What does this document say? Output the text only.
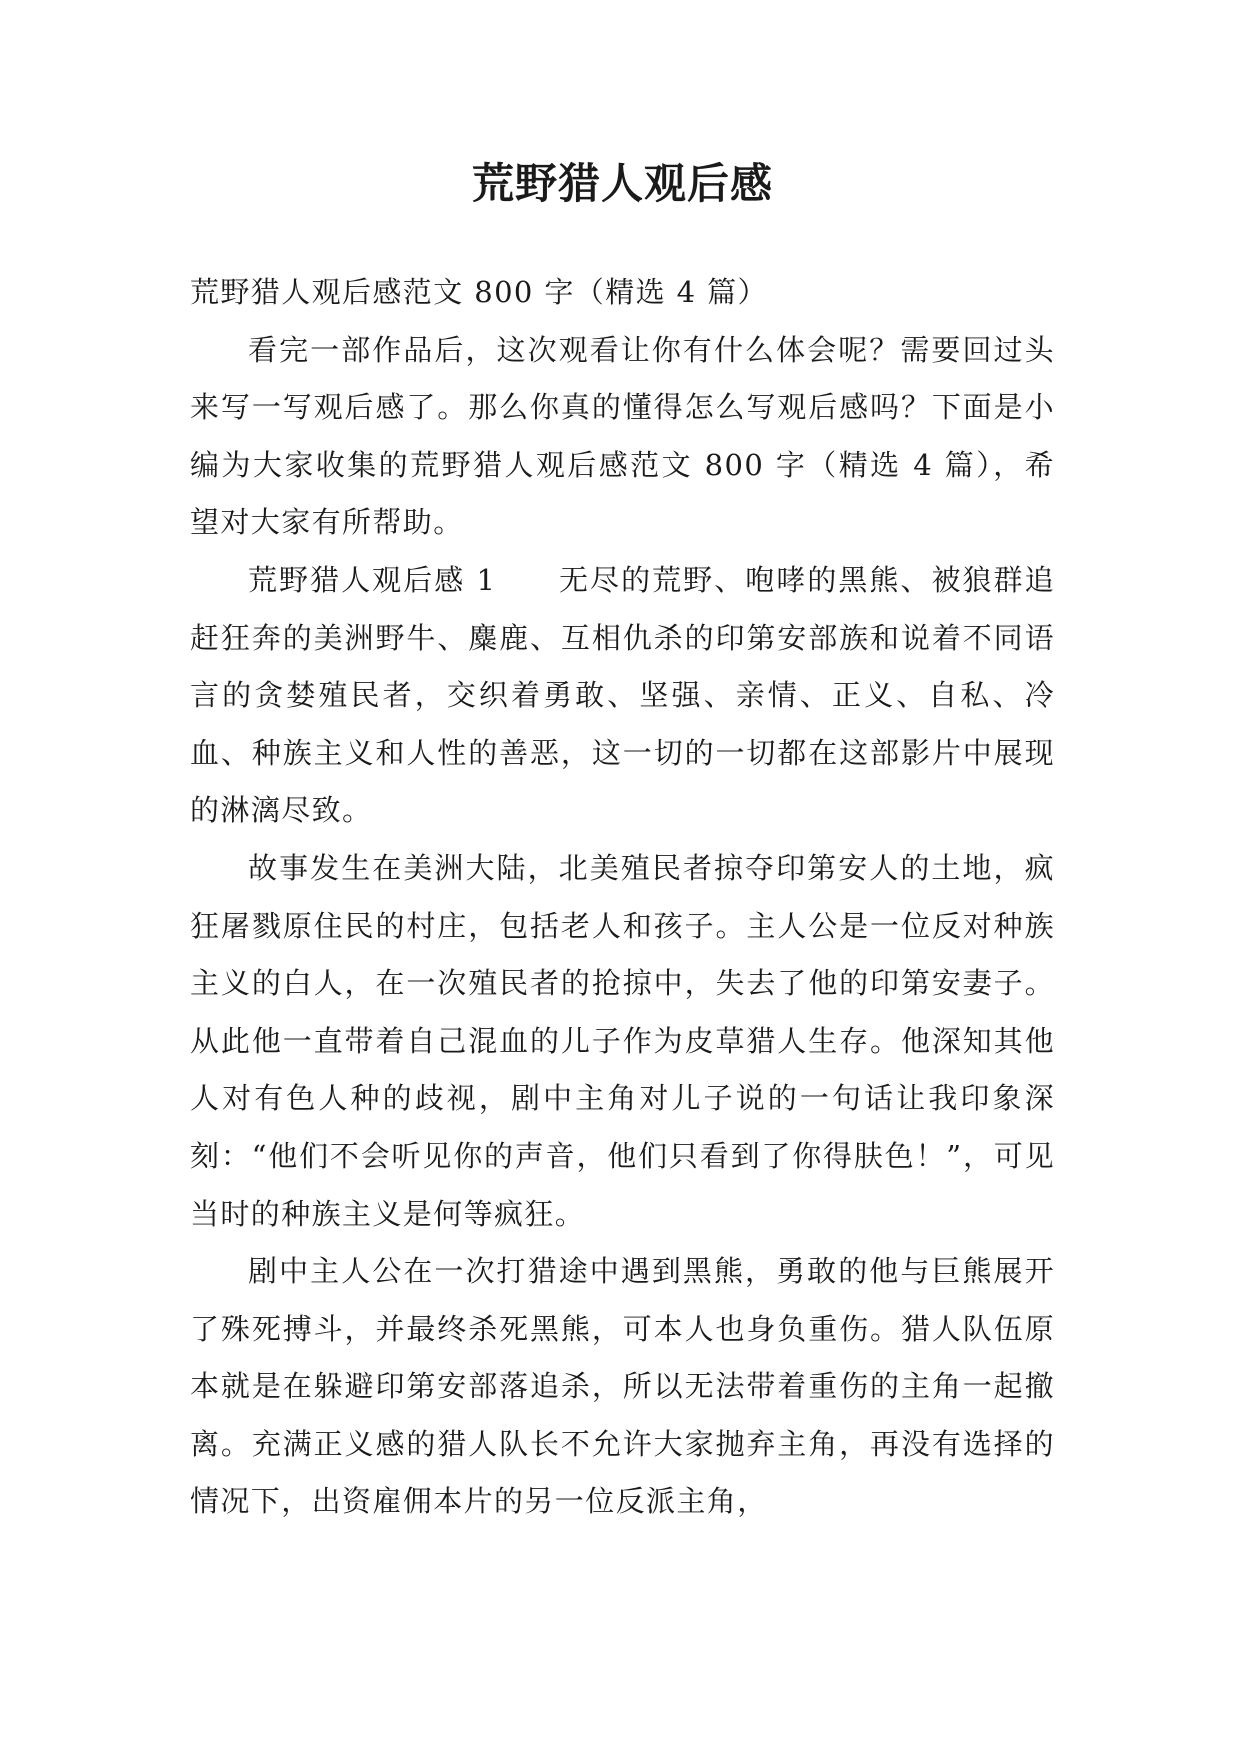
荒野猎人观后感

荒野猎人观后感范文 800 字（精选 4 篇）

看完一部作品后，这次观看让你有什么体会呢？需要回过头来写一写观后感了。那么你真的懂得怎么写观后感吗？下面是小编为大家收集的荒野猎人观后感范文 800 字（精选 4 篇），希望对大家有所帮助。

荒野猎人观后感 1 无尽的荒野、咆哮的黑熊、被狼群追赶狂奔的美洲野牛、麋鹿、互相仇杀的印第安部族和说着不同语言的贪婪殖民者，交织着勇敢、坚强、亲情、正义、自私、冷血、种族主义和人性的善恶，这一切的一切都在这部影片中展现的淋漓尽致。

故事发生在美洲大陆，北美殖民者掠夺印第安人的土地，疯狂屠戮原住民的村庄，包括老人和孩子。主人公是一位反对种族主义的白人，在一次殖民者的抢掠中，失去了他的印第安妻子。从此他一直带着自己混血的儿子作为皮草猎人生存。他深知其他人对有色人种的歧视，剧中主角对儿子说的一句话让我印象深刻：“他们不会听见你的声音，他们只看到了你得肤色！”，可见当时的种族主义是何等疯狂。

剧中主人公在一次打猎途中遇到黑熊，勇敢的他与巨熊展开了殊死搏斗，并最终杀死黑熊，可本人也身负重伤。猎人队伍原本就是在躲避印第安部落追杀，所以无法带着重伤的主角一起撤离。充满正义感的猎人队长不允许大家抛弃主角，再没有选择的情况下，出资雇佣本片的另一位反派主角，
